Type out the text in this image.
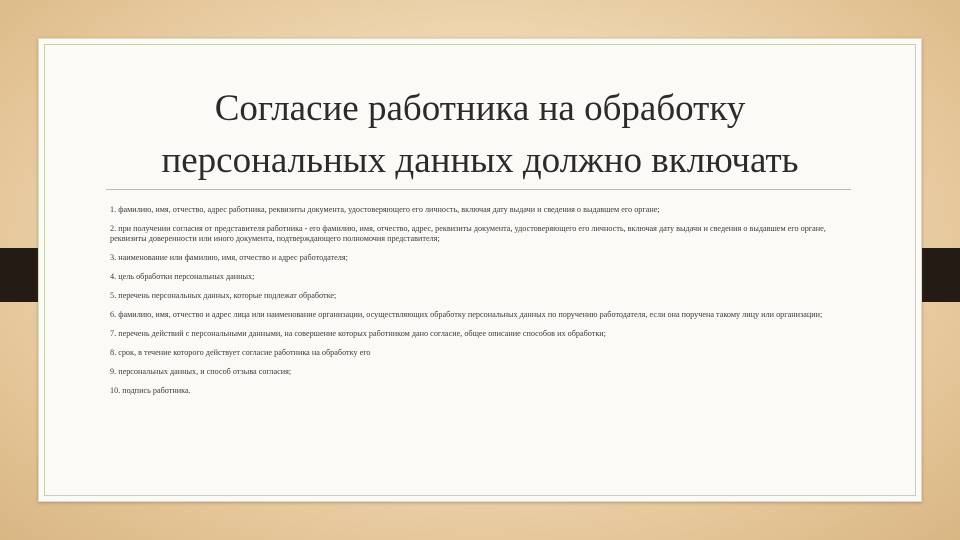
Согласие работника на обработку
персональных данных должно включать
1. фамилию, имя, отчество, адрес работника, реквизиты документа, удостоверяющего его личность, включая дату выдачи и сведения о выдавшем его органе;
2. при получении согласия от представителя работника - его фамилию, имя, отчество, адрес, реквизиты документа, удостоверяющего его личность, включая дату выдачи и сведения о выдавшем его органе, реквизиты доверенности или иного документа, подтверждающего полномочия представителя;
3. наименование или фамилию, имя, отчество и адрес работодателя;
4. цель обработки персональных данных;
5. перечень персональных данных, которые подлежат обработке;
6. фамилию, имя, отчество и адрес лица или наименование организации, осуществляющих обработку персональных данных по поручению работодателя, если она поручена такому лицу или организации;
7. перечень действий с персональными данными, на совершение которых работником дано согласие, общее описание способов их обработки;
8. срок, в течение которого действует согласие работника на обработку его
9. персональных данных, и способ отзыва согласия;
10. подпись работника.
